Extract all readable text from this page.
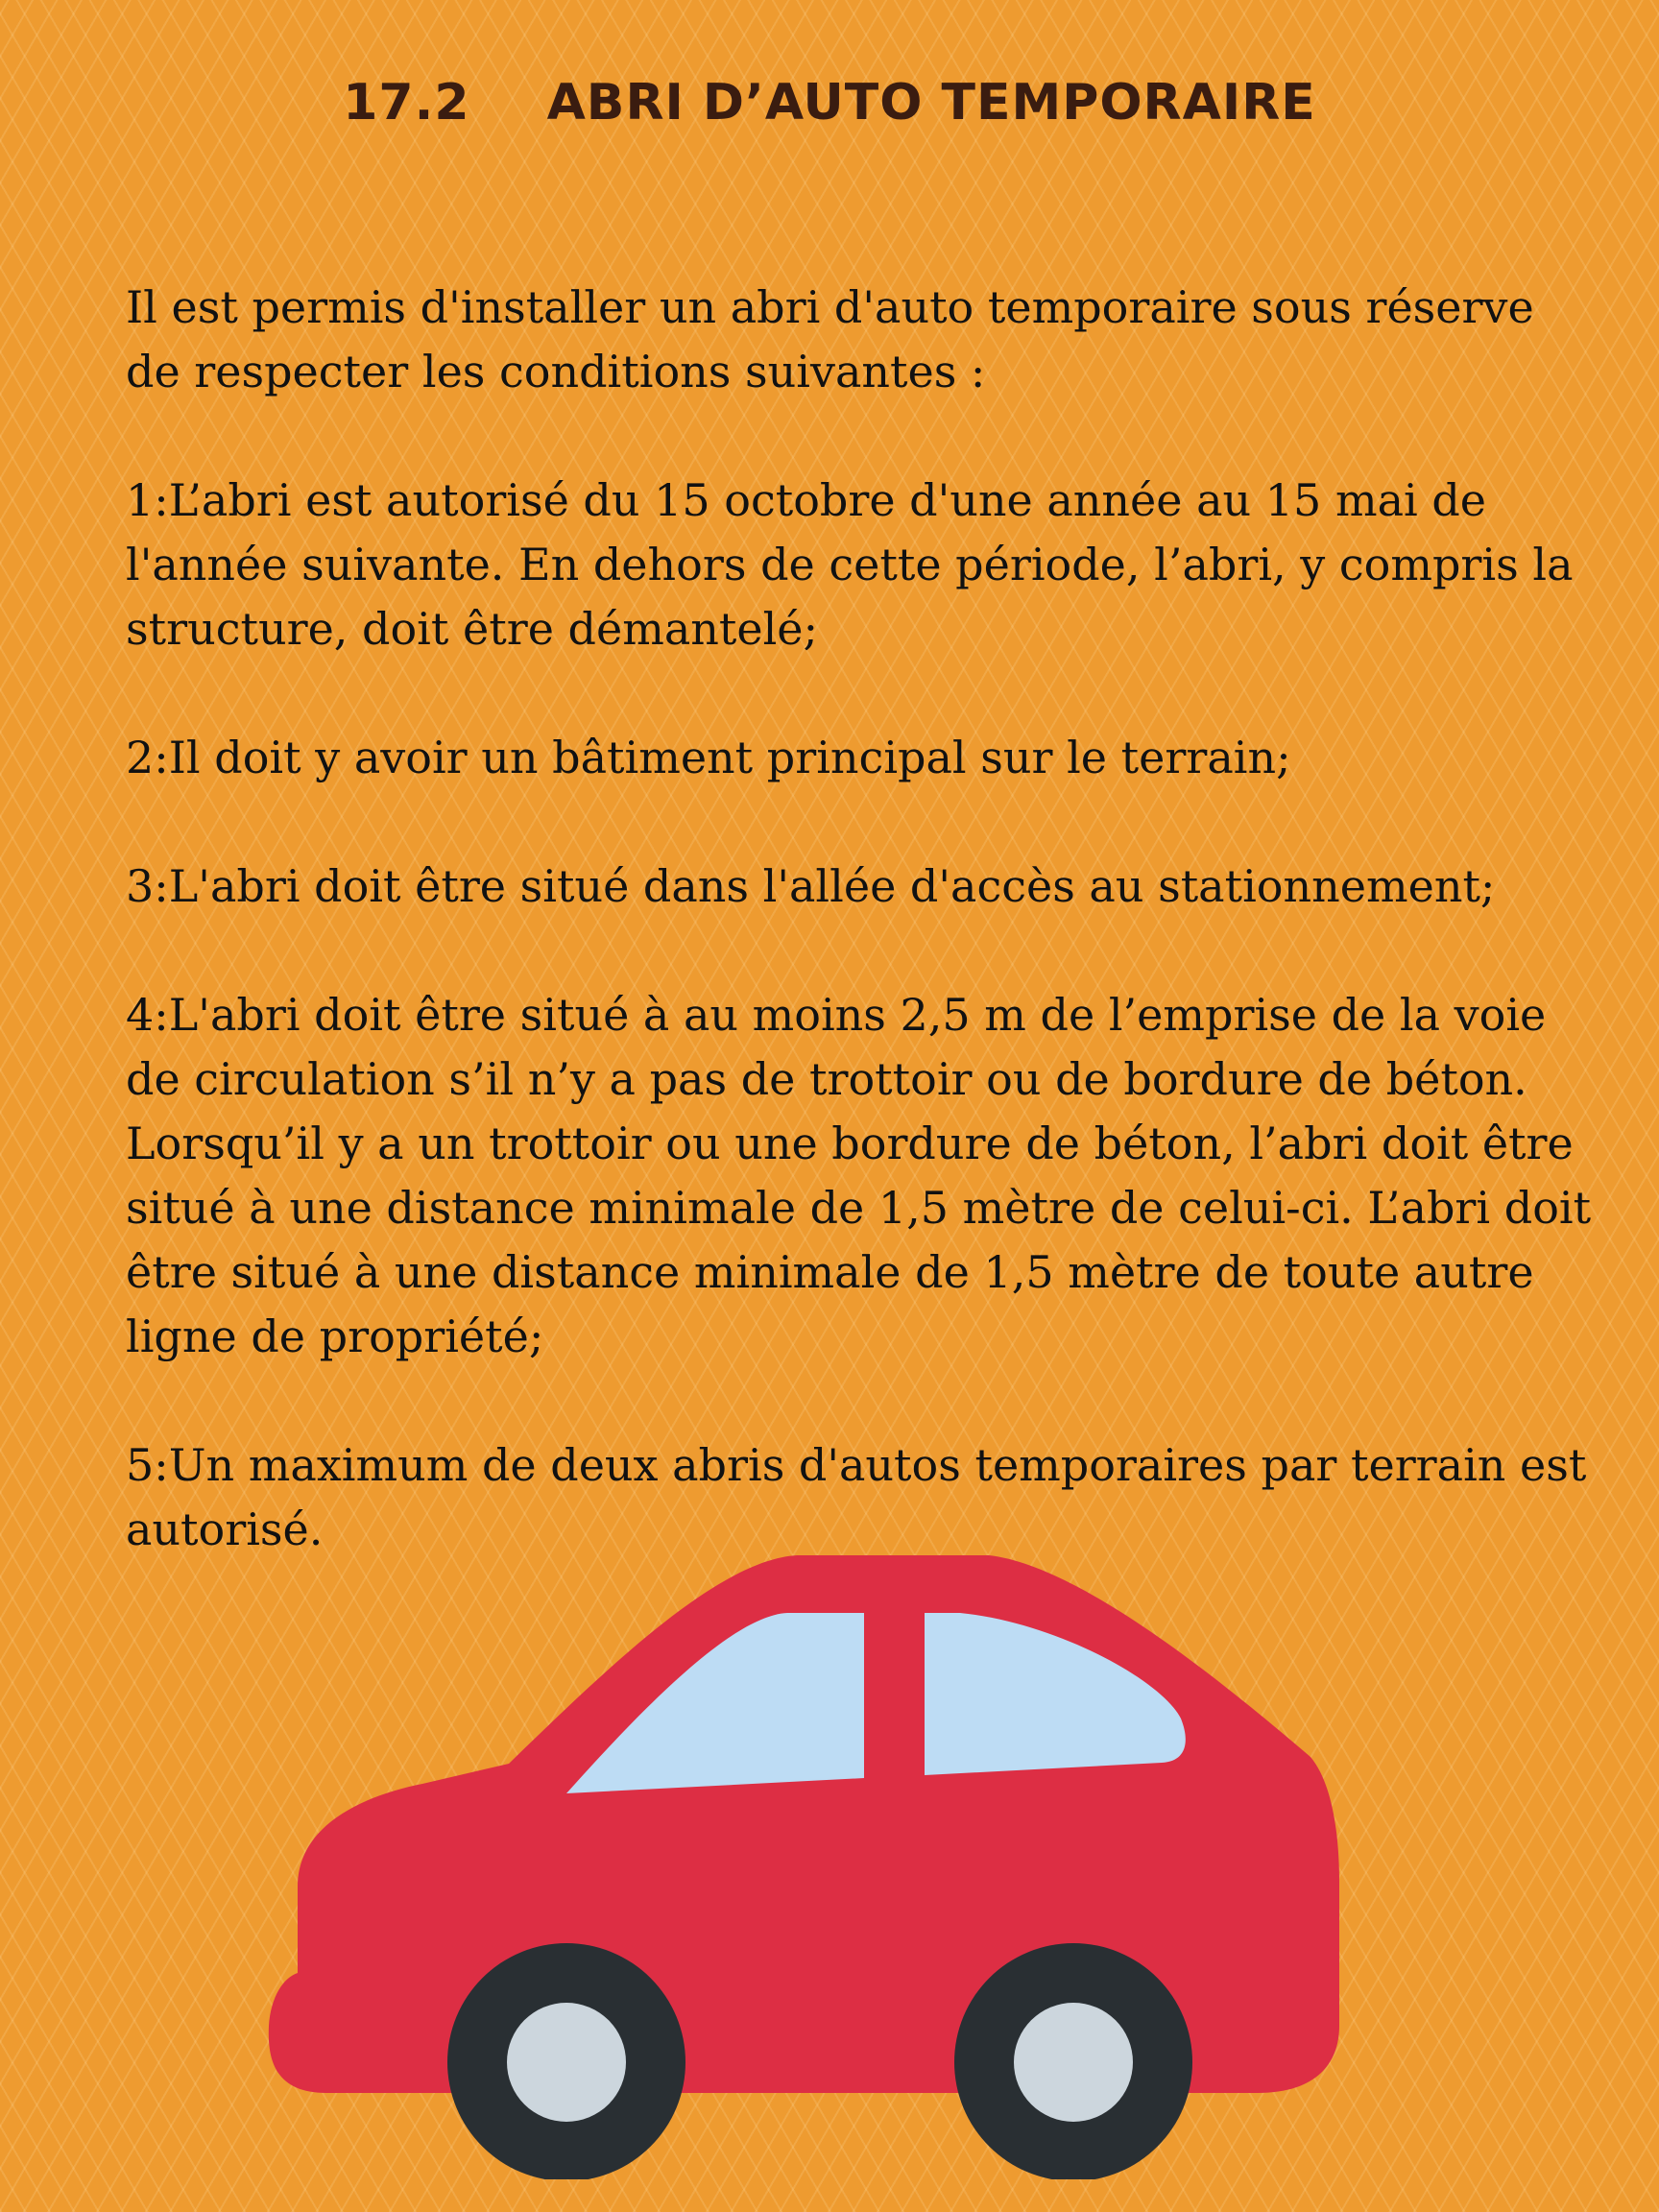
17.2 ABRI D’AUTO TEMPORAIRE

Il est permis d'installer un abri d'auto temporaire sous réserve de respecter les conditions suivantes :

1:L’abri est autorisé du 15 octobre d'une année au 15 mai de l'année suivante. En dehors de cette période, l’abri, y compris la structure, doit être démantelé;

2:Il doit y avoir un bâtiment principal sur le terrain;

3:L'abri doit être situé dans l'allée d'accès au stationnement;

4:L'abri doit être situé à au moins 2,5 m de l’emprise de la voie de circulation s’il n’y a pas de trottoir ou de bordure de béton. Lorsqu’il y a un trottoir ou une bordure de béton, l’abri doit être situé à une distance minimale de 1,5 mètre de celui-ci. L’abri doit être situé à une distance minimale de 1,5 mètre de toute autre ligne de propriété;

5:Un maximum de deux abris d'autos temporaires par terrain est autorisé.
